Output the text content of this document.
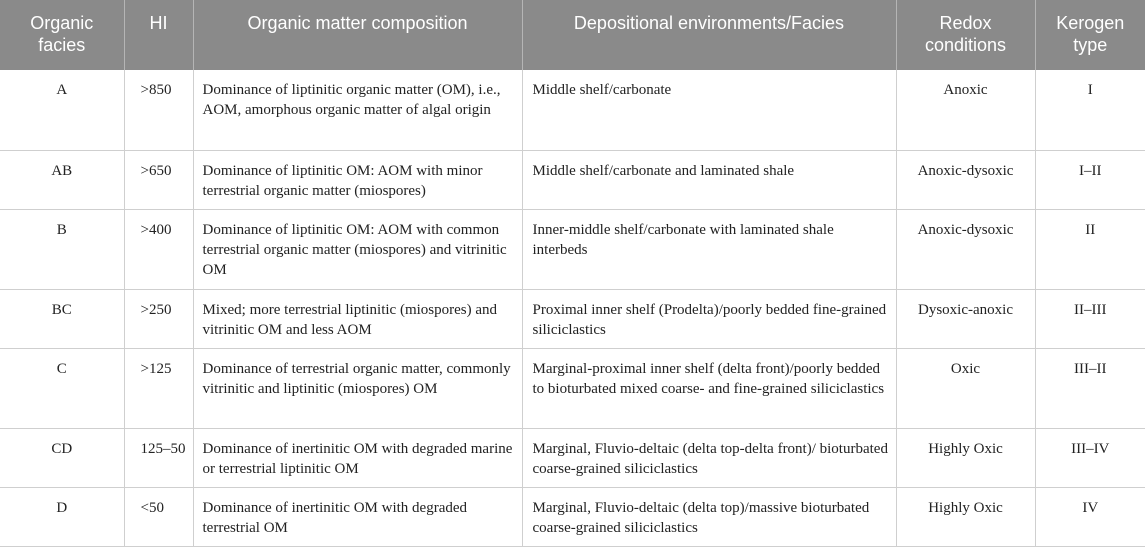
Organic facies	HI	Organic matter composition	Depositional environments/Facies	Redox conditions	Kerogen type
A	>850	Dominance of liptinitic organic matter (OM), i.e., AOM, amorphous organic matter of algal origin	Middle shelf/carbonate	Anoxic	I
AB	>650	Dominance of liptinitic OM: AOM with minor terrestrial organic matter (miospores)	Middle shelf/carbonate and laminated shale	Anoxic-dysoxic	I–II
B	>400	Dominance of liptinitic OM: AOM with common terrestrial organic matter (miospores) and vitrinitic OM	Inner-middle shelf/carbonate with laminated shale interbeds	Anoxic-dysoxic	II
BC	>250	Mixed; more terrestrial liptinitic (miospores) and vitrinitic OM and less AOM	Proximal inner shelf (Prodelta)/poorly bedded fine-grained siliciclastics	Dysoxic-anoxic	II–III
C	>125	Dominance of terrestrial organic matter, commonly vitrinitic and liptinitic (miospores) OM	Marginal-proximal inner shelf (delta front)/poorly bedded to bioturbated mixed coarse- and fine-grained siliciclastics	Oxic	III–II
CD	125–50	Dominance of inertinitic OM with degraded marine or terrestrial liptinitic OM	Marginal, Fluvio-deltaic (delta top-delta front)/ bioturbated coarse-grained siliciclastics	Highly Oxic	III–IV
D	<50	Dominance of inertinitic OM with degraded terrestrial OM	Marginal, Fluvio-deltaic (delta top)/massive bioturbated coarse-grained siliciclastics	Highly Oxic	IV
